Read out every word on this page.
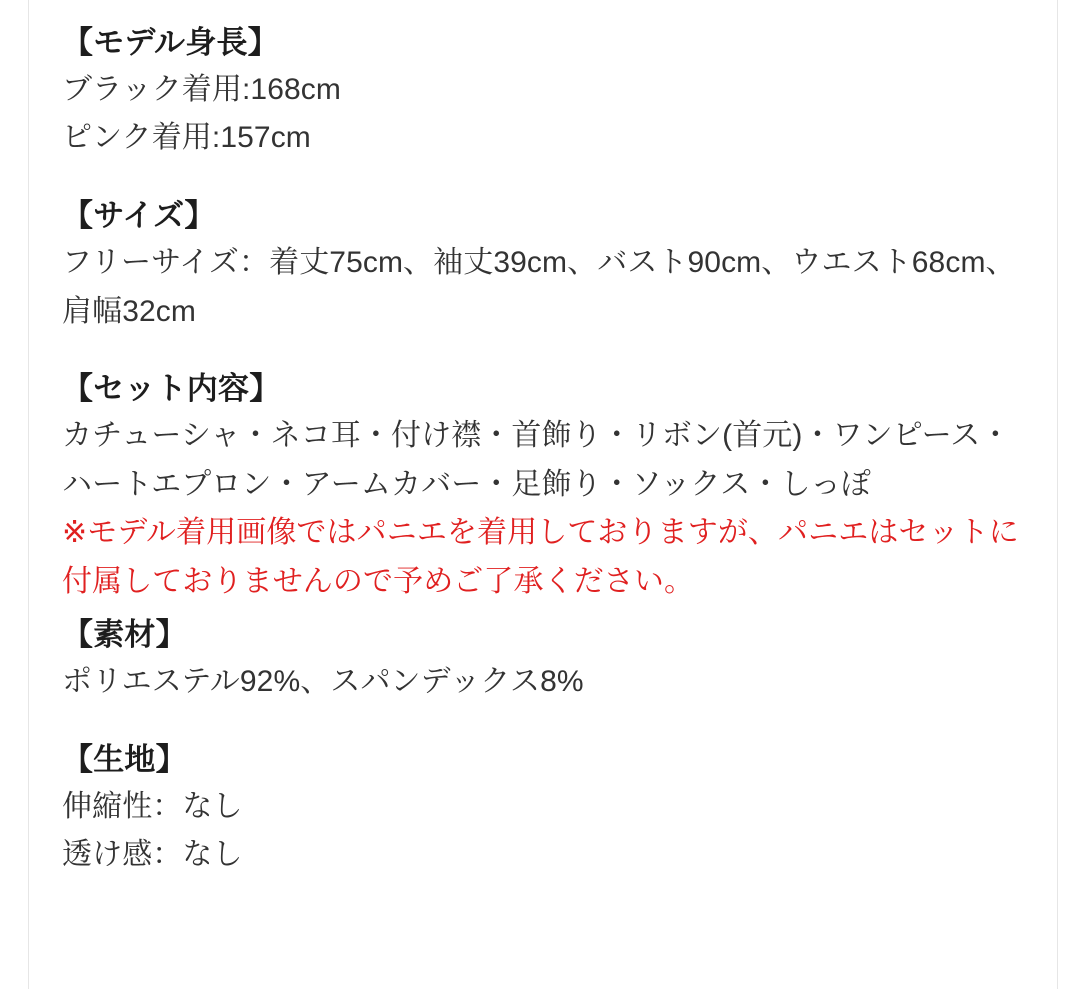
【モデル身長】

ブラック着用:168cm

ピンク着用:157cm

【サイズ】

フリーサイズ：着丈75cm、袖丈39cm、バスト90cm、ウエスト68cm、肩幅32cm

【セット内容】

カチューシャ・ネコ耳・付け襟・首飾り・リボン(首元)・ワンピース・ハートエプロン・アームカバー・足飾り・ソックス・しっぽ

※モデル着用画像ではパニエを着用しておりますが、パニエはセットに付属しておりませんので予めご了承ください。

【素材】

ポリエステル92%、スパンデックス8%

【生地】

伸縮性：なし

透け感：なし
